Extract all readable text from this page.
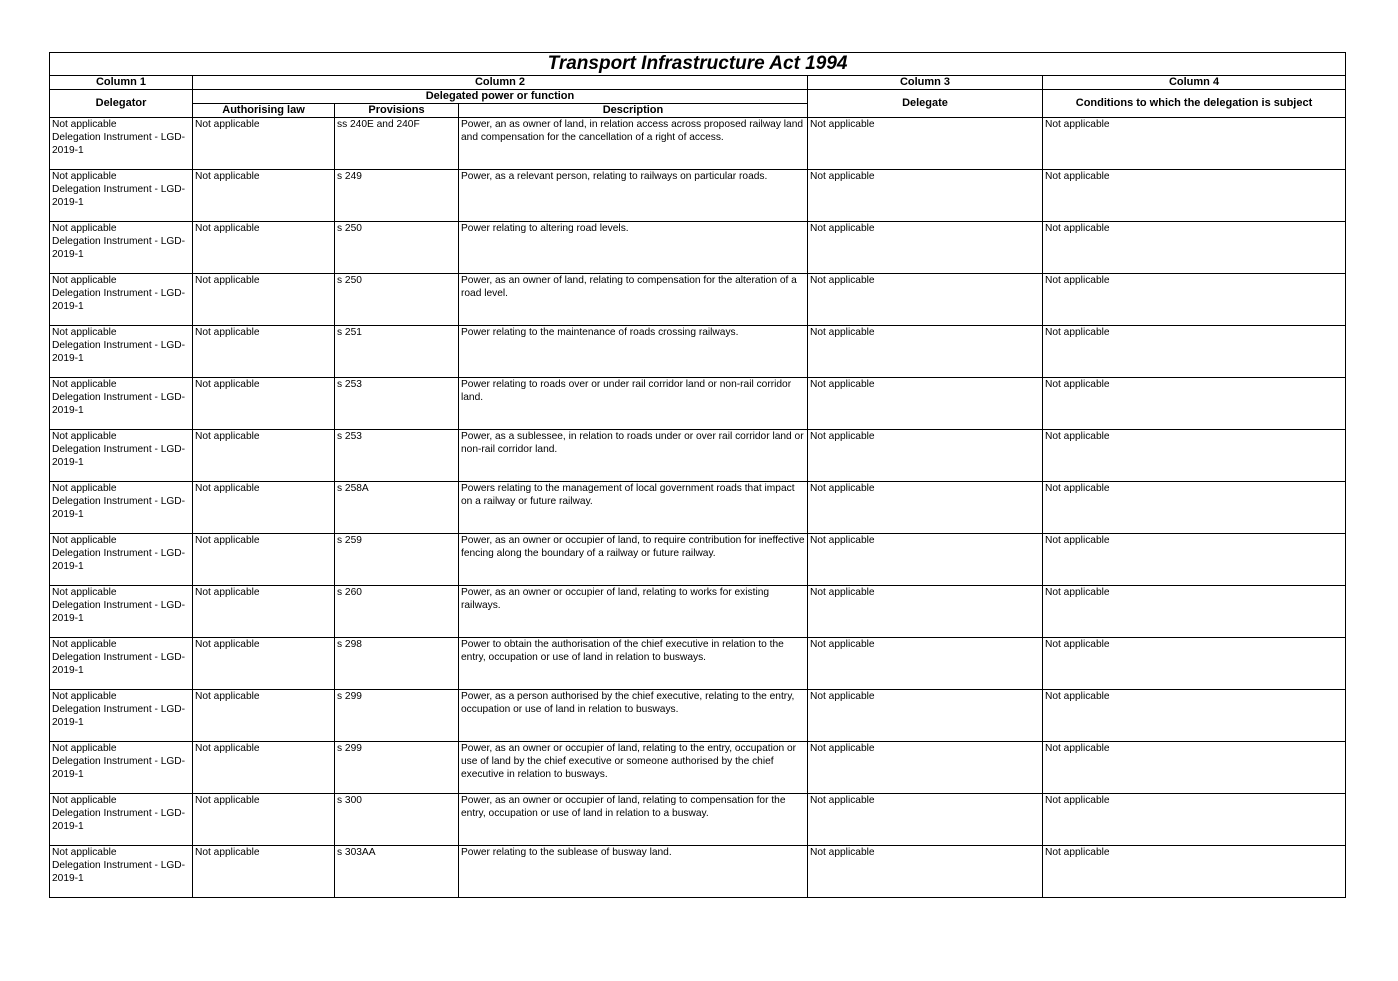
Transport Infrastructure Act 1994					
Column 1	Column 2			Column 3	Column 4
Delegator	Delegated power or function			Delegate	Conditions to which the delegation is subject
	Authorising law	Provisions	Description		
Not applicable
Delegation Instrument - LGD-2019-1	Not applicable	ss 240E and 240F	Power, an as owner of land, in relation access across proposed railway land and compensation for the cancellation of a right of access.	Not applicable	Not applicable
Not applicable
Delegation Instrument - LGD-2019-1	Not applicable	s 249	Power, as a relevant person, relating to railways on particular roads.	Not applicable	Not applicable
Not applicable
Delegation Instrument - LGD-2019-1	Not applicable	s 250	Power relating to altering road levels.	Not applicable	Not applicable
Not applicable
Delegation Instrument - LGD-2019-1	Not applicable	s 250	Power, as an owner of land, relating to compensation for the alteration of a road level.	Not applicable	Not applicable
Not applicable
Delegation Instrument - LGD-2019-1	Not applicable	s 251	Power relating to the maintenance of roads crossing railways.	Not applicable	Not applicable
Not applicable
Delegation Instrument - LGD-2019-1	Not applicable	s 253	Power relating to roads over or under rail corridor land or non-rail corridor land.	Not applicable	Not applicable
Not applicable
Delegation Instrument - LGD-2019-1	Not applicable	s 253	Power, as a sublessee, in relation to roads under or over rail corridor land or non-rail corridor land.	Not applicable	Not applicable
Not applicable
Delegation Instrument - LGD-2019-1	Not applicable	s 258A	Powers relating to the management of local government roads that impact on a railway or future railway.	Not applicable	Not applicable
Not applicable
Delegation Instrument - LGD-2019-1	Not applicable	s 259	Power, as an owner or occupier of land, to require contribution for ineffective fencing along the boundary of a railway or future railway.	Not applicable	Not applicable
Not applicable
Delegation Instrument - LGD-2019-1	Not applicable	s 260	Power, as an owner or occupier of land, relating to works for existing railways.	Not applicable	Not applicable
Not applicable
Delegation Instrument - LGD-2019-1	Not applicable	s 298	Power to obtain the authorisation of the chief executive in relation to the entry, occupation or use of land in relation to busways.	Not applicable	Not applicable
Not applicable
Delegation Instrument - LGD-2019-1	Not applicable	s 299	Power, as a person authorised by the chief executive, relating to the entry, occupation or use of land in relation to busways.	Not applicable	Not applicable
Not applicable
Delegation Instrument - LGD-2019-1	Not applicable	s 299	Power, as an owner or occupier of land, relating to the entry, occupation or use of land by the chief executive or someone authorised by the chief executive in relation to busways.	Not applicable	Not applicable
Not applicable
Delegation Instrument - LGD-2019-1	Not applicable	s 300	Power, as an owner or occupier of land, relating to compensation for the entry, occupation or use of land in relation to a busway.	Not applicable	Not applicable
Not applicable
Delegation Instrument - LGD-2019-1	Not applicable	s 303AA	Power relating to the sublease of busway land.	Not applicable	Not applicable
